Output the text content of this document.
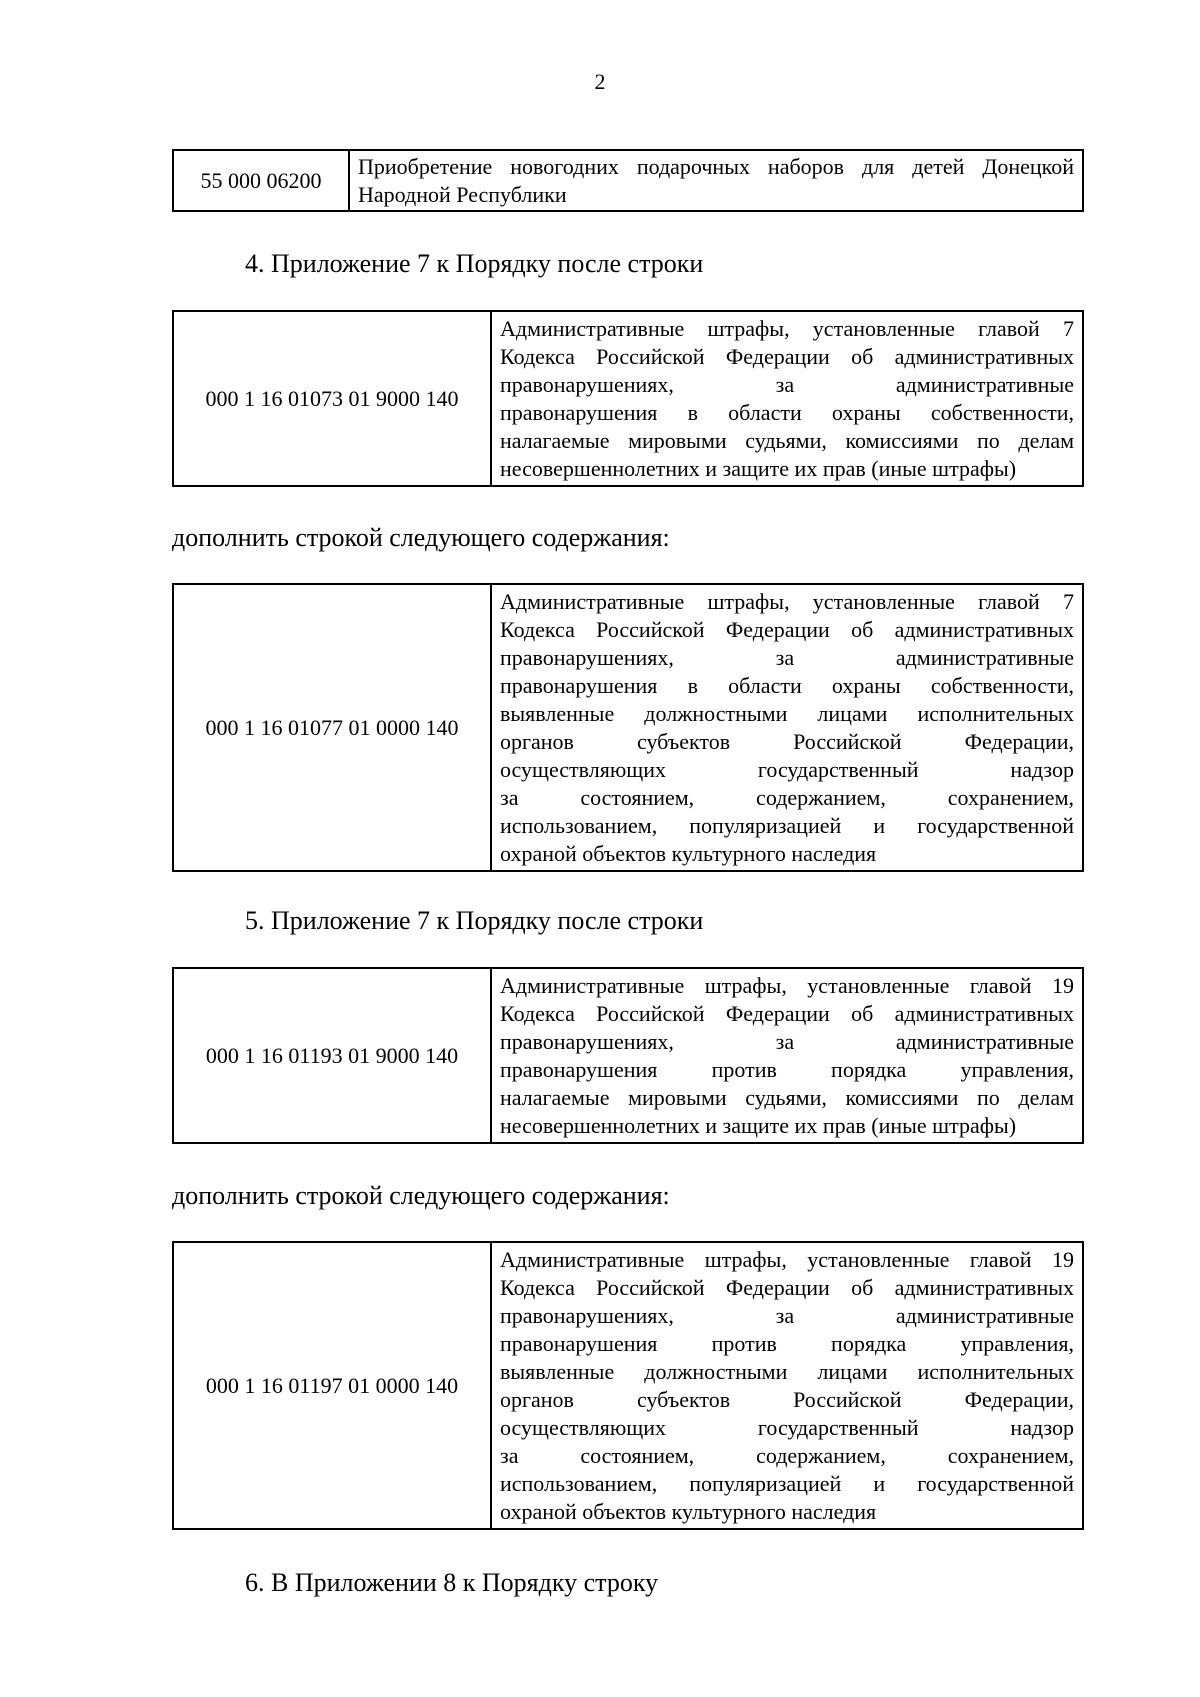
2
55 000 06200	
Приобретение новогодних подарочных наборов для детей Донецкой
Народной Республики
4. Приложение 7 к Порядку после строки
000 1 16 01073 01 9000 140	
Административные штрафы, установленные главой 7
Кодекса Российской Федерации об административных
правонарушениях, за административные
правонарушения в области охраны собственности,
налагаемые мировыми судьями, комиссиями по делам
несовершеннолетних и защите их прав (иные штрафы)
дополнить строкой следующего содержания:
000 1 16 01077 01 0000 140	
Административные штрафы, установленные главой 7
Кодекса Российской Федерации об административных
правонарушениях, за административные
правонарушения в области охраны собственности,
выявленные должностными лицами исполнительных
органов субъектов Российской Федерации,
осуществляющих государственный надзор
за состоянием, содержанием, сохранением,
использованием, популяризацией и государственной
охраной объектов культурного наследия
5. Приложение 7 к Порядку после строки
000 1 16 01193 01 9000 140	
Административные штрафы, установленные главой 19
Кодекса Российской Федерации об административных
правонарушениях, за административные
правонарушения против порядка управления,
налагаемые мировыми судьями, комиссиями по делам
несовершеннолетних и защите их прав (иные штрафы)
дополнить строкой следующего содержания:
000 1 16 01197 01 0000 140	
Административные штрафы, установленные главой 19
Кодекса Российской Федерации об административных
правонарушениях, за административные
правонарушения против порядка управления,
выявленные должностными лицами исполнительных
органов субъектов Российской Федерации,
осуществляющих государственный надзор
за состоянием, содержанием, сохранением,
использованием, популяризацией и государственной
охраной объектов культурного наследия
6. В Приложении 8 к Порядку строку
